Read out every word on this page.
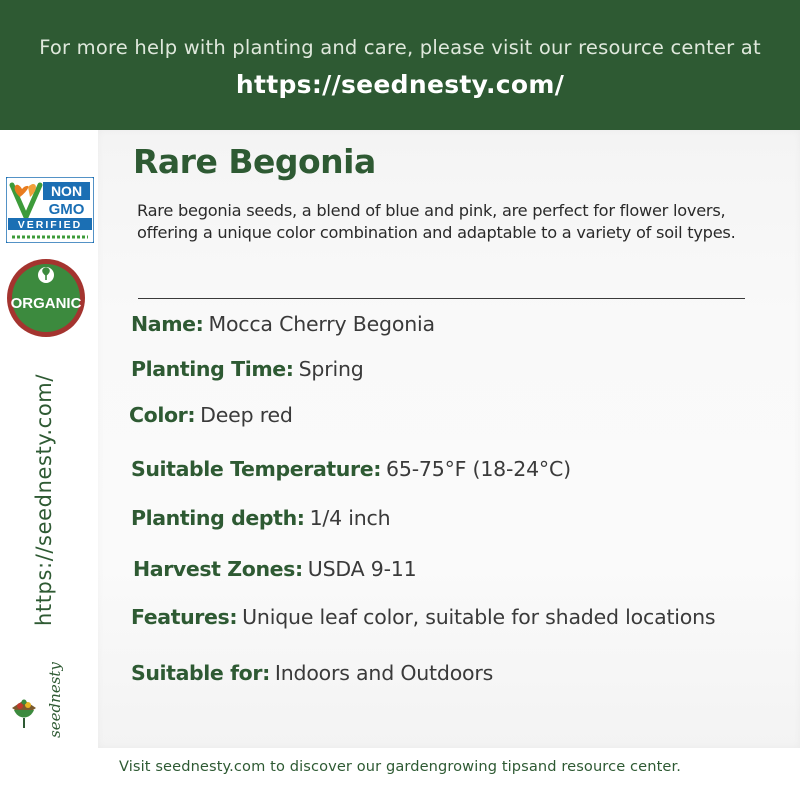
For more help with planting and care, please visit our resource center at
https://seednesty.com/
NON
GMO
VERIFIED
ORGANIC
https://seednesty.com/
seednesty
Rare Begonia
Rare begonia seeds, a blend of blue and pink, are perfect for flower lovers, offering a unique color combination and adaptable to a variety of soil types.
Name: Mocca Cherry Begonia
Planting Time: Spring
Color: Deep red
Suitable Temperature: 65-75°F (18-24°C)
Planting depth: 1/4 inch
Harvest Zones: USDA 9-11
Features: Unique leaf color, suitable for shaded locations
Suitable for: Indoors and Outdoors
Visit seednesty.com to discover our gardengrowing tipsand resource center.
